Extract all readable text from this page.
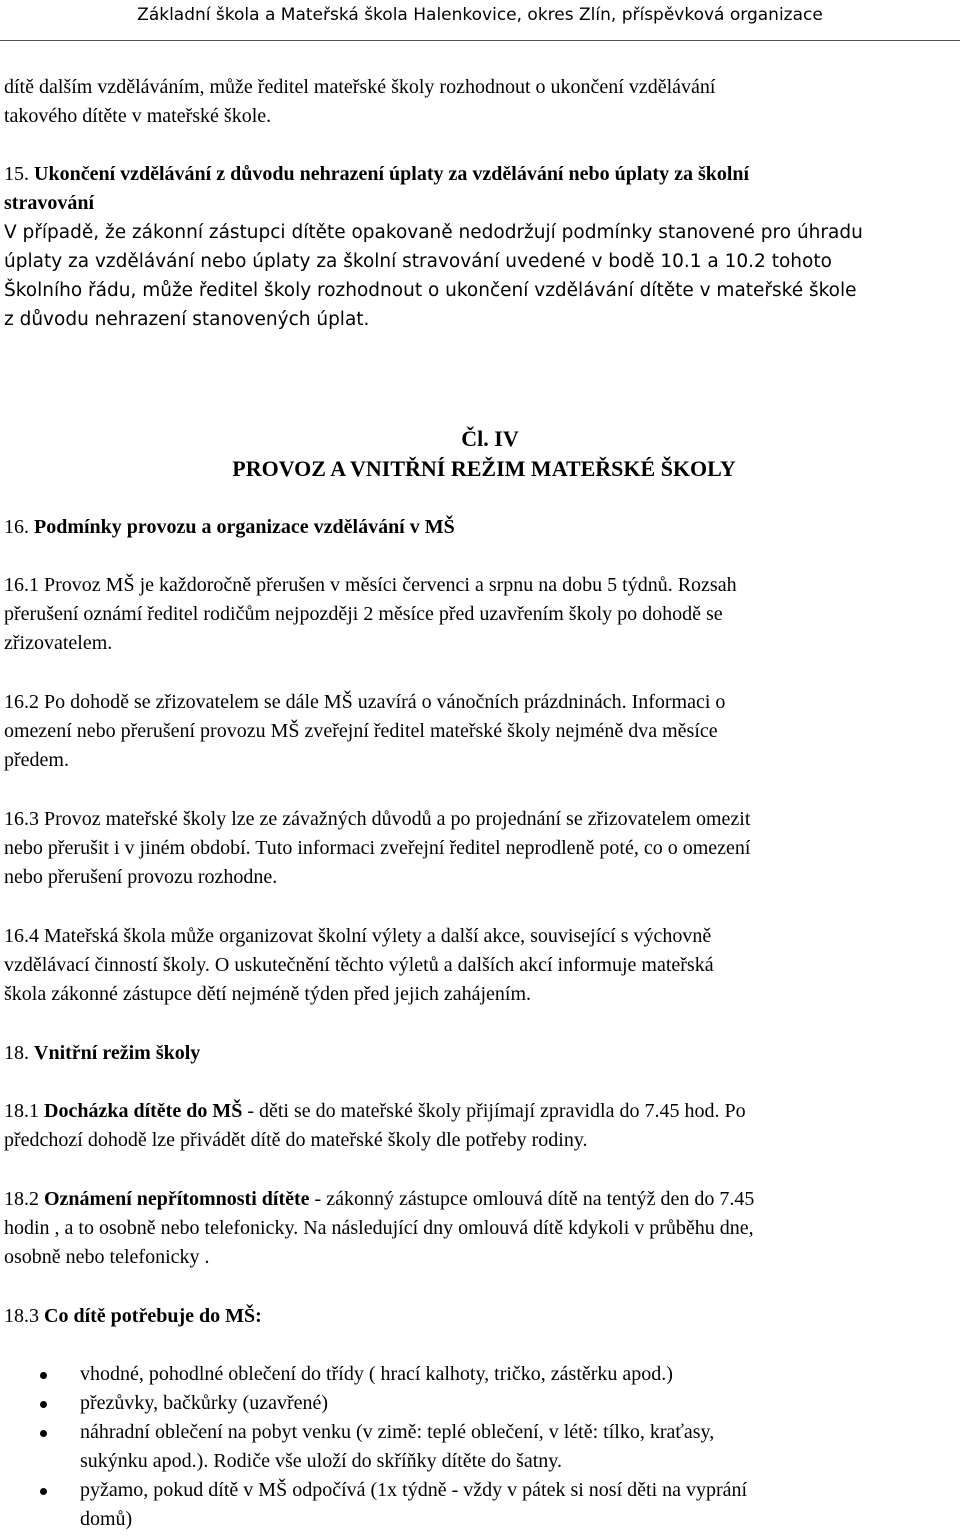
Základní škola a Mateřská škola Halenkovice, okres Zlín, příspěvková organizace
dítě dalším vzděláváním, může ředitel mateřské školy rozhodnout o ukončení vzdělávání
takového dítěte v mateřské škole.
15. Ukončení vzdělávání z důvodu nehrazení úplaty za vzdělávání nebo úplaty za školní
stravování
V případě, že zákonní zástupci dítěte opakovaně nedodržují podmínky stanovené pro úhradu
úplaty za vzdělávání nebo úplaty za školní stravování uvedené v bodě 10.1 a 10.2 tohoto
Školního řádu, může ředitel školy rozhodnout o ukončení vzdělávání dítěte v mateřské škole
z důvodu nehrazení stanovených úplat.
Čl. IV
PROVOZ A VNITŘNÍ REŽIM MATEŘSKÉ ŠKOLY
16. Podmínky provozu a organizace vzdělávání v MŠ
16.1 Provoz MŠ je každoročně přerušen v měsíci červenci a srpnu na dobu 5 týdnů. Rozsah
přerušení oznámí ředitel rodičům nejpozději 2 měsíce před uzavřením školy po dohodě se
zřizovatelem.
16.2 Po dohodě se zřizovatelem se dále MŠ uzavírá o vánočních prázdninách. Informaci o
omezení nebo přerušení provozu MŠ zveřejní ředitel mateřské školy nejméně dva měsíce
předem.
16.3 Provoz mateřské školy lze ze závažných důvodů a po projednání se zřizovatelem omezit
nebo přerušit i v jiném období. Tuto informaci zveřejní ředitel neprodleně poté, co o omezení
nebo přerušení provozu rozhodne.
16.4 Mateřská škola může organizovat školní výlety a další akce, související s výchovně
vzdělávací činností školy. O uskutečnění těchto výletů a dalších akcí informuje mateřská
škola zákonné zástupce dětí nejméně týden před jejich zahájením.
18. Vnitřní režim školy
18.1 Docházka dítěte do MŠ - děti se do mateřské školy přijímají zpravidla do 7.45 hod. Po
předchozí dohodě lze přivádět dítě do mateřské školy dle potřeby rodiny.
18.2 Oznámení nepřítomnosti dítěte - zákonný zástupce omlouvá dítě na tentýž den do 7.45
hodin , a to osobně nebo telefonicky. Na následující dny omlouvá dítě kdykoli v průběhu dne,
osobně nebo telefonicky .
18.3 Co dítě potřebuje do MŠ:
vhodné, pohodlné oblečení do třídy ( hrací kalhoty, tričko, zástěrku apod.)
přezůvky, bačkůrky (uzavřené)
náhradní oblečení na pobyt venku (v zimě: teplé oblečení, v létě: tílko, kraťasy,
sukýnku apod.). Rodiče vše uloží do skříňky dítěte do šatny.
pyžamo, pokud dítě v MŠ odpočívá (1x týdně - vždy v pátek si nosí děti na vyprání
domů)
